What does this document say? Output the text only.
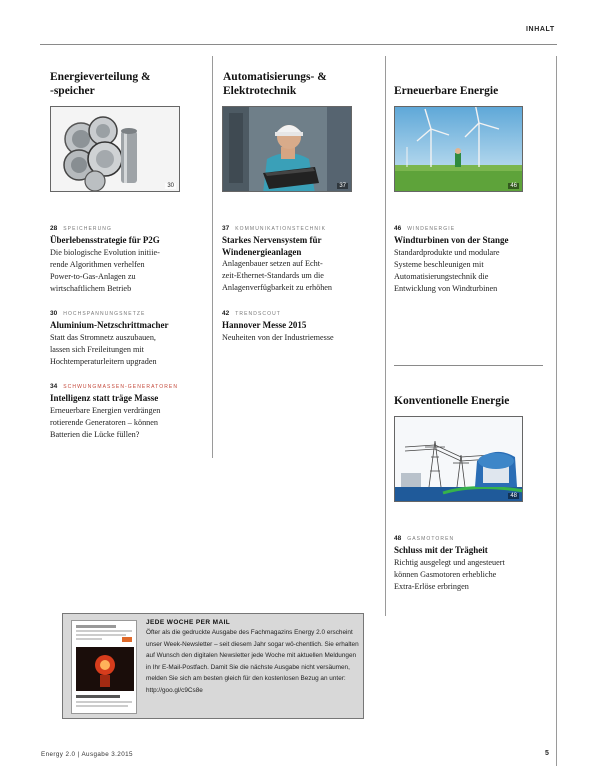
INHALT
Energieverteilung &
-speicher
Automatisierungs- &
Elektrotechnik	Erneuerbare Energie
30	37	46
28 SPEICHERUNG
Überlebensstrategie für P2G
Die biologische Evolution initiie-
rende Algorithmen verhelfen
Power-to-Gas-Anlagen zu
wirtschaftlichem Betrieb
30 HOCHSPANNUNGSNETZE
Aluminium-Netzschrittmacher
Statt das Stromnetz auszubauen,
lassen sich Freileitungen mit
Hochtemperaturleitern upgraden
34 SCHWUNGMASSEN-GENERATOREN
Intelligenz statt träge Masse
Erneuerbare Energien verdrängen
rotierende Generatoren – können
Batterien die Lücke füllen?
37 KOMMUNIKATIONSTECHNIK
Starkes Nervensystem für
Windenergieanlagen
Anlagenbauer setzen auf Echt-
zeit-Ethernet-Standards um die
Anlagenverfügbarkeit zu erhöhen
42 TRENDSCOUT
Hannover Messe 2015
Neuheiten von der Industriemesse
46 WINDENERGIE
Windturbinen von der Stange
Standardprodukte und modulare
Systeme beschleunigen mit
Automatisierungstechnik die
Entwicklung von Windturbinen
Konventionelle Energie
48
48 GASMOTOREN
Schluss mit der Trägheit
Richtig ausgelegt und angesteuert
können Gasmotoren erhebliche
Extra-Erlöse erbringen
JEDE WOCHE PER MAIL
Öfter als die gedruckte Ausgabe des Fachmagazins Energy 2.0 erscheint unser Week-Newsletter – seit diesem Jahr sogar wö-chentlich. Sie erhalten auf Wunsch den digitalen Newsletter jede Woche mit aktuellen Meldungen in Ihr E-Mail-Postfach. Damit Sie die nächste Ausgabe nicht versäumen, melden Sie sich am besten gleich für den kostenlosen Bezug an unter: http://goo.gl/c9Cs8e
Energy 2.0 | Ausgabe 3.2015	5
